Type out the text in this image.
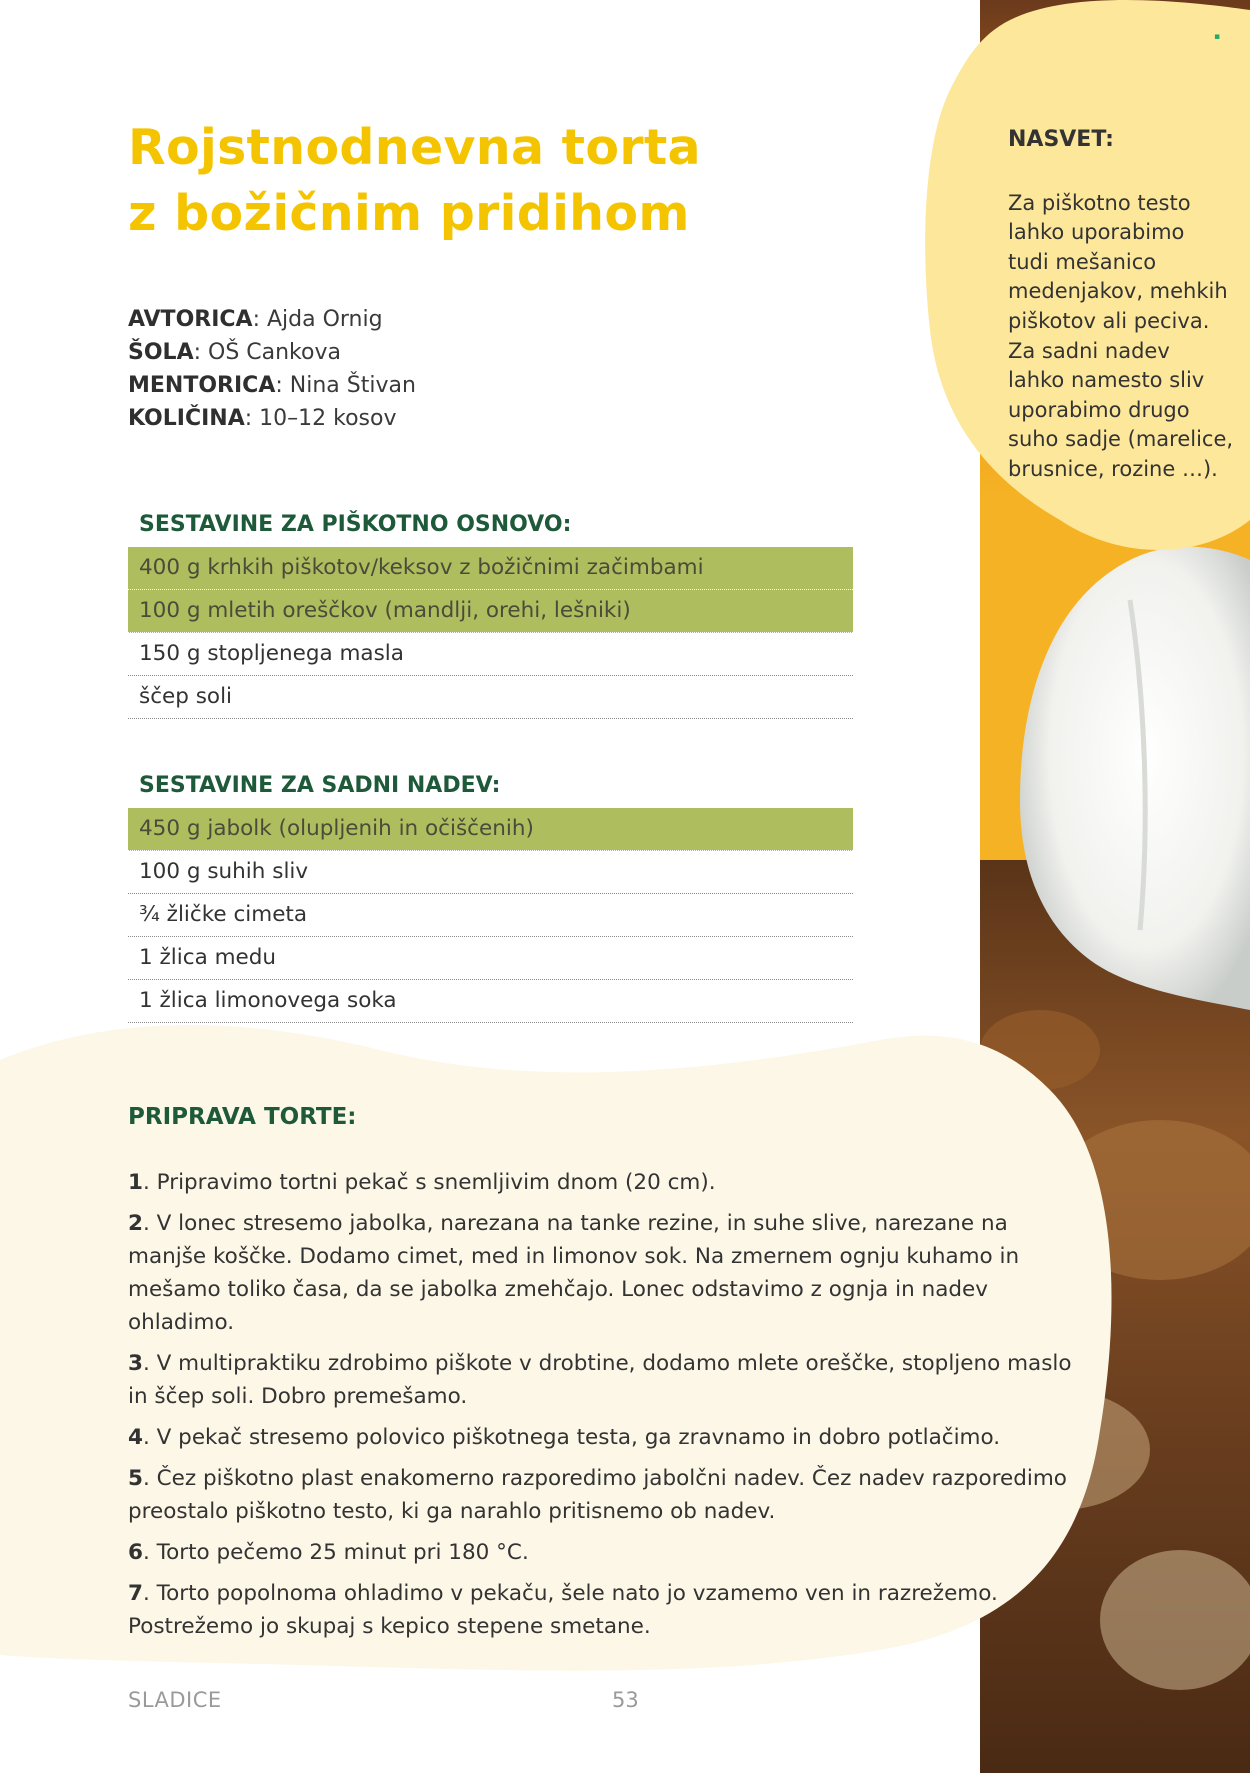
▪
Rojstnodnevna torta
z božičnim pridihom
AVTORICA: Ajda Ornig
ŠOLA: OŠ Cankova
MENTORICA: Nina Štivan
KOLIČINA: 10–12 kosov
NASVET:
Za piškotno testo
lahko uporabimo
tudi mešanico
medenjakov, mehkih
piškotov ali peciva.
Za sadni nadev
lahko namesto sliv
uporabimo drugo
suho sadje (marelice,
brusnice, rozine …).
SESTAVINE ZA PIŠKOTNO OSNOVO:
400 g krhkih piškotov/keksov z božičnimi začimbami
100 g mletih oreščkov (mandlji, orehi, lešniki)
150 g stopljenega masla
ščep soli
SESTAVINE ZA SADNI NADEV:
450 g jabolk (olupljenih in očiščenih)
100 g suhih sliv
¾ žličke cimeta
1 žlica medu
1 žlica limonovega soka
PRIPRAVA TORTE:

1. Pripravimo tortni pekač s snemljivim dnom (20 cm).

2. V lonec stresemo jabolka, narezana na tanke rezine, in suhe slive, narezane na manjše koščke. Dodamo cimet, med in limonov sok. Na zmernem ognju kuhamo in mešamo toliko časa, da se jabolka zmehčajo. Lonec odstavimo z ognja in nadev ohladimo.

3. V multipraktiku zdrobimo piškote v drobtine, dodamo mlete oreščke, stopljeno maslo in ščep soli. Dobro premešamo.

4. V pekač stresemo polovico piškotnega testa, ga zravnamo in dobro potlačimo.

5. Čez piškotno plast enakomerno razporedimo jabolčni nadev. Čez nadev razporedimo preostalo piškotno testo, ki ga narahlo pritisnemo ob nadev.

6. Torto pečemo 25 minut pri 180 °C.

7. Torto popolnoma ohladimo v pekaču, šele nato jo vzamemo ven in razrežemo. Postrežemo jo skupaj s kepico stepene smetane.

SLADICE	53
